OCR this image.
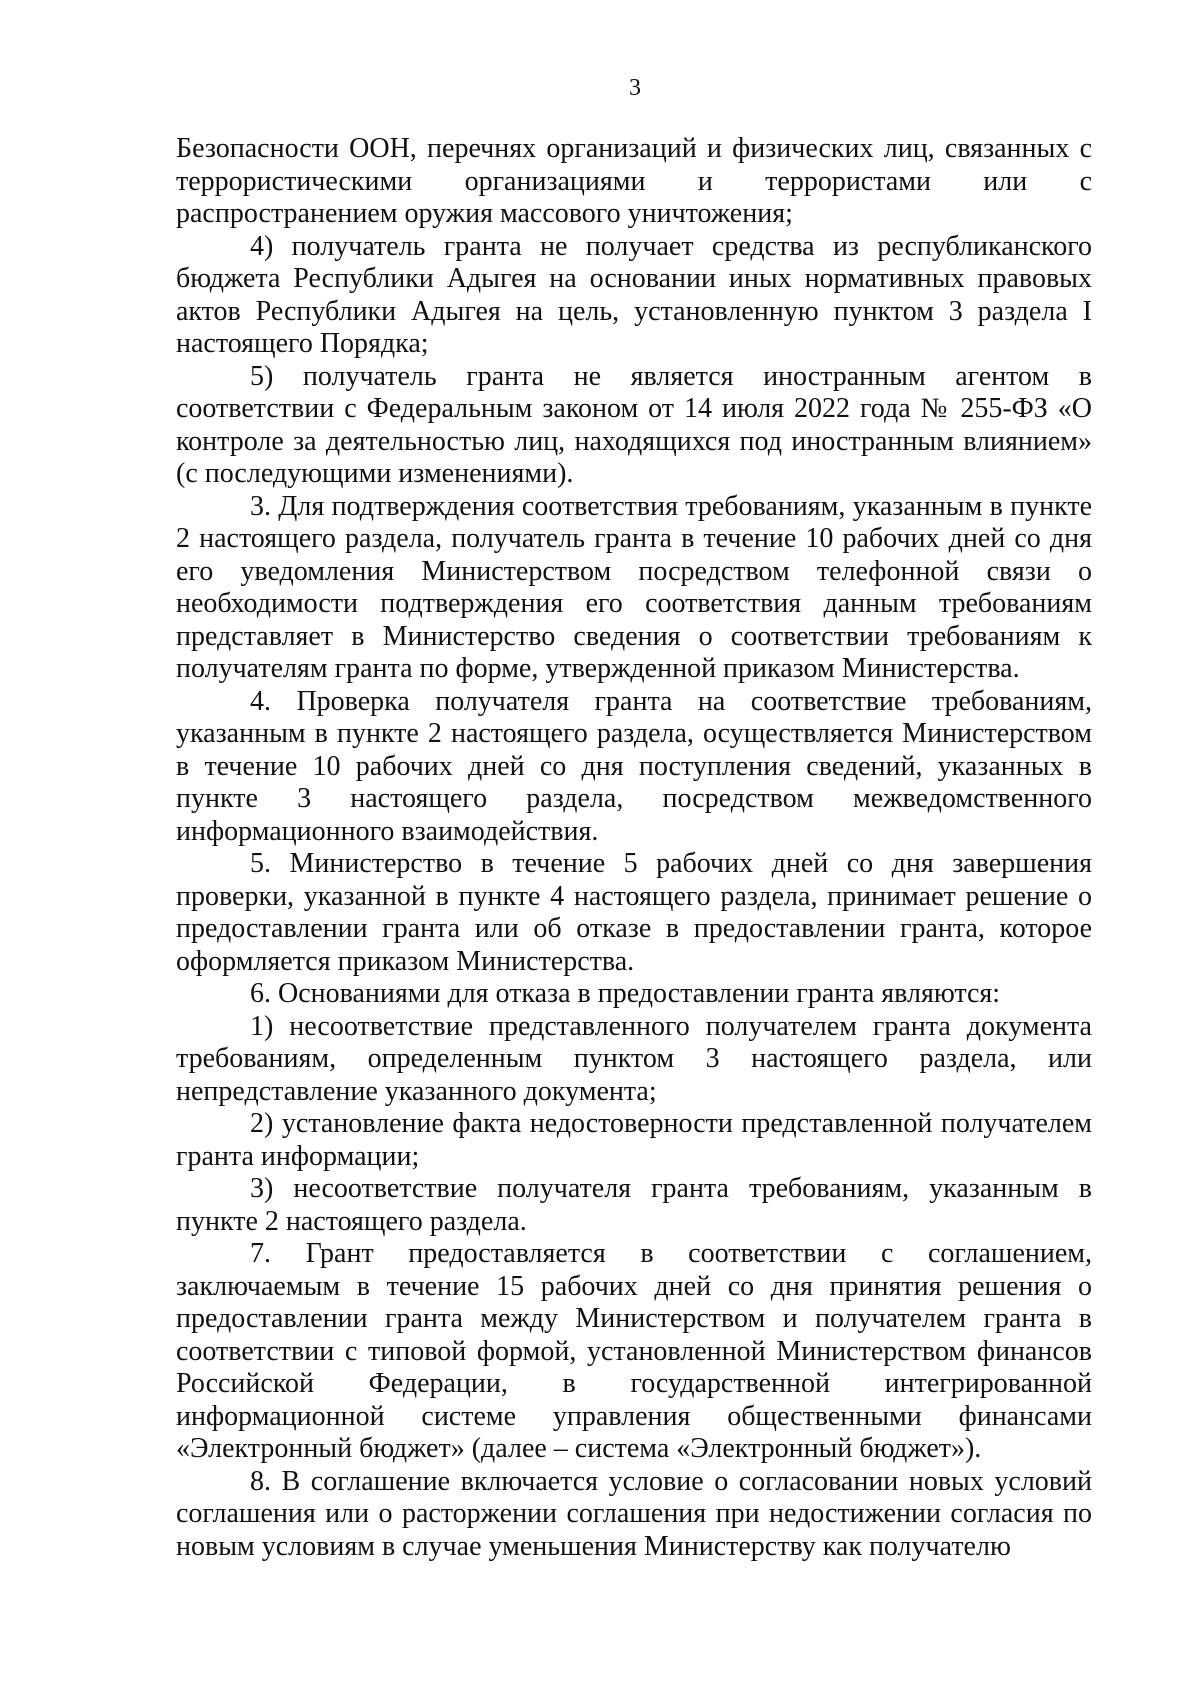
3

Безопасности ООН, перечнях организаций и физических лиц, связанных с террористическими организациями и террористами или с распространением оружия массового уничтожения;

4) получатель гранта не получает средства из республиканского бюджета Республики Адыгея на основании иных нормативных правовых актов Республики Адыгея на цель, установленную пунктом 3 раздела I настоящего Порядка;

5) получатель гранта не является иностранным агентом в соответствии с Федеральным законом от 14 июля 2022 года № 255-ФЗ «О контроле за деятельностью лиц, находящихся под иностранным влиянием» (с последующими изменениями).

3. Для подтверждения соответствия требованиям, указанным в пункте 2 настоящего раздела, получатель гранта в течение 10 рабочих дней со дня его уведомления Министерством посредством телефонной связи о необходимости подтверждения его соответствия данным требованиям представляет в Министерство сведения о соответствии требованиям к получателям гранта по форме, утвержденной приказом Министерства.

4. Проверка получателя гранта на соответствие требованиям, указанным в пункте 2 настоящего раздела, осуществляется Министерством в течение 10 рабочих дней со дня поступления сведений, указанных в пункте 3 настоящего раздела, посредством межведомственного информационного взаимодействия.

5. Министерство в течение 5 рабочих дней со дня завершения проверки, указанной в пункте 4 настоящего раздела, принимает решение о предоставлении гранта или об отказе в предоставлении гранта, которое оформляется приказом Министерства.

6. Основаниями для отказа в предоставлении гранта являются:

1) несоответствие представленного получателем гранта документа требованиям, определенным пунктом 3 настоящего раздела, или непредставление указанного документа;

2) установление факта недостоверности представленной получателем гранта информации;

3) несоответствие получателя гранта требованиям, указанным в пункте 2 настоящего раздела.

7. Грант предоставляется в соответствии с соглашением, заключаемым в течение 15 рабочих дней со дня принятия решения о предоставлении гранта между Министерством и получателем гранта в соответствии с типовой формой, установленной Министерством финансов Российской Федерации, в государственной интегрированной информационной системе управления общественными финансами «Электронный бюджет» (далее – система «Электронный бюджет»).

8. В соглашение включается условие о согласовании новых условий соглашения или о расторжении соглашения при недостижении согласия по новым условиям в случае уменьшения Министерству как получателю
